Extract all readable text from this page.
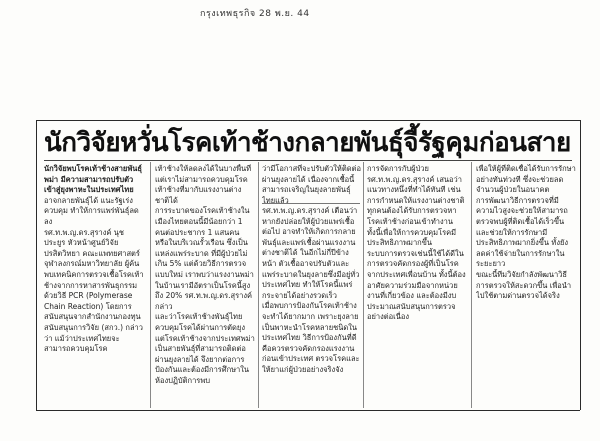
กรุงเทพธุรกิจ 28 พ.ย. 44
นักวิจัยหวั่นโรคเท้าช้างกลายพันธุ์จี้รัฐคุมก่อนสาย

นักวิจัยพบโรคเท้าช้างสายพันธุ์พม่า มีความสามารถปรับตัวเข้าสู่ยุงพาหะในประเทศไทย

อาจกลายพันธุ์ได้ แนะรัฐเร่งควบคุม ทำให้การแพร่พันธุ์ลดลง

รศ.ท.พ.ญ.ดร.สุรางค์ นุชประยูร หัวหน้าศูนย์วิจัยปรสิตวิทยา คณะแพทยศาสตร์ จุฬาลงกรณ์มหาวิทยาลัย ผู้ค้นพบเทคนิคการตรวจเชื้อโรคเท้าช้างจากการหาสารพันธุกรรมด้วยวิธี PCR (Polymerase Chain Reaction) โดยการสนับสนุนจากสำนักงานกองทุนสนับสนุนการวิจัย (สกว.) กล่าวว่า แม้ว่าประเทศไทยจะสามารถควบคุมโรค

เท้าช้างให้ลดลงได้ในบางพื้นที่ แต่เราไม่สามารถควบคุมโรคเท้าช้างที่มากับแรงงานต่างชาติได้

การระบาดของโรคเท้าช้างในเมืองไทยตอนนี้มีน้อยกว่า 1 คนต่อประชากร 1 แสนคน หรือในบริเวณรั้วเรือน ซึ่งเป็นแหล่งแพร่ระบาด ที่มีผู้ป่วยไม่เกิน 5% แต่ด้วยวิธีการตรวจแบบใหม่ เราพบว่าแรงงานพม่าในบ้านเรามีอัตราเป็นโรคนี้สูงถึง 20% รศ.ท.พ.ญ.ดร.สุรางค์ กล่าว

และว่าโรคเท้าช้างพันธุ์ไทยควบคุมโรคได้ผ่านการตัดยุง แต่โรคเท้าช้างจากประเทศพม่าเป็นสายพันธุ์ที่สามารถติดต่อผ่านยุงลายได้ จึงยากต่อการป้องกันและต้องมีการศึกษาในห้องปฏิบัติการพบ

ว่ามีโอกาสที่จะปรับตัวให้ติดต่อผ่านยุงลายได้ เนื่องจากเชื้อนี้สามารถเจริญในยุงลายพันธุ์ไทยแล้ว

รศ.ท.พ.ญ.ดร.สุรางค์ เตือนว่าหากยังปล่อยให้ผู้ป่วยแพร่เชื้อต่อไป อาจทำให้เกิดการกลายพันธุ์และแพร่เชื้อผ่านแรงงานต่างชาติได้ ในอีกไม่กี่ปีข้างหน้า ตัวเชื้ออาจปรับตัวและแพร่ระบาดในยุงลายซึ่งมีอยู่ทั่วประเทศไทย ทำให้โรคนี้แพร่กระจายได้อย่างรวดเร็ว

เมื่อพบการป้องกันโรคเท้าช้างจะทำได้ยากมาก เพราะยุงลายเป็นพาหะนำโรคหลายชนิดในประเทศไทย วิธีการป้องกันที่ดีคือควรตรวจคัดกรองแรงงานก่อนเข้าประเทศ ตรวจโรคและให้ยาแก่ผู้ป่วยอย่างจริงจัง

การจัดการกับผู้ป่วย

รศ.ท.พ.ญ.ดร.สุรางค์ เสนอว่าแนวทางหนึ่งที่ทำได้ทันที เช่น การกำหนดให้แรงงานต่างชาติทุกคนต้องได้รับการตรวจหาโรคเท้าช้างก่อนเข้าทำงาน ทั้งนี้เพื่อให้การควบคุมโรคมีประสิทธิภาพมากขึ้น

ระบบการตรวจเช่นนี้ใช้ได้ดีในการตรวจคัดกรองผู้ที่เป็นโรคจากประเทศเพื่อนบ้าน ทั้งนี้ต้องอาศัยความร่วมมือจากหน่วยงานที่เกี่ยวข้อง และต้องมีงบประมาณสนับสนุนการตรวจอย่างต่อเนื่อง

เพื่อให้ผู้ที่ติดเชื้อได้รับการรักษาอย่างทันท่วงที ซึ่งจะช่วยลดจำนวนผู้ป่วยในอนาคต

การพัฒนาวิธีการตรวจที่มีความไวสูงจะช่วยให้สามารถตรวจพบผู้ที่ติดเชื้อได้เร็วขึ้น และช่วยให้การรักษามีประสิทธิภาพมากยิ่งขึ้น ทั้งยังลดค่าใช้จ่ายในการรักษาในระยะยาว

ขณะนี้ทีมวิจัยกำลังพัฒนาวิธีการตรวจให้สะดวกขึ้น เพื่อนำไปใช้ตามด่านตรวจได้จริง
